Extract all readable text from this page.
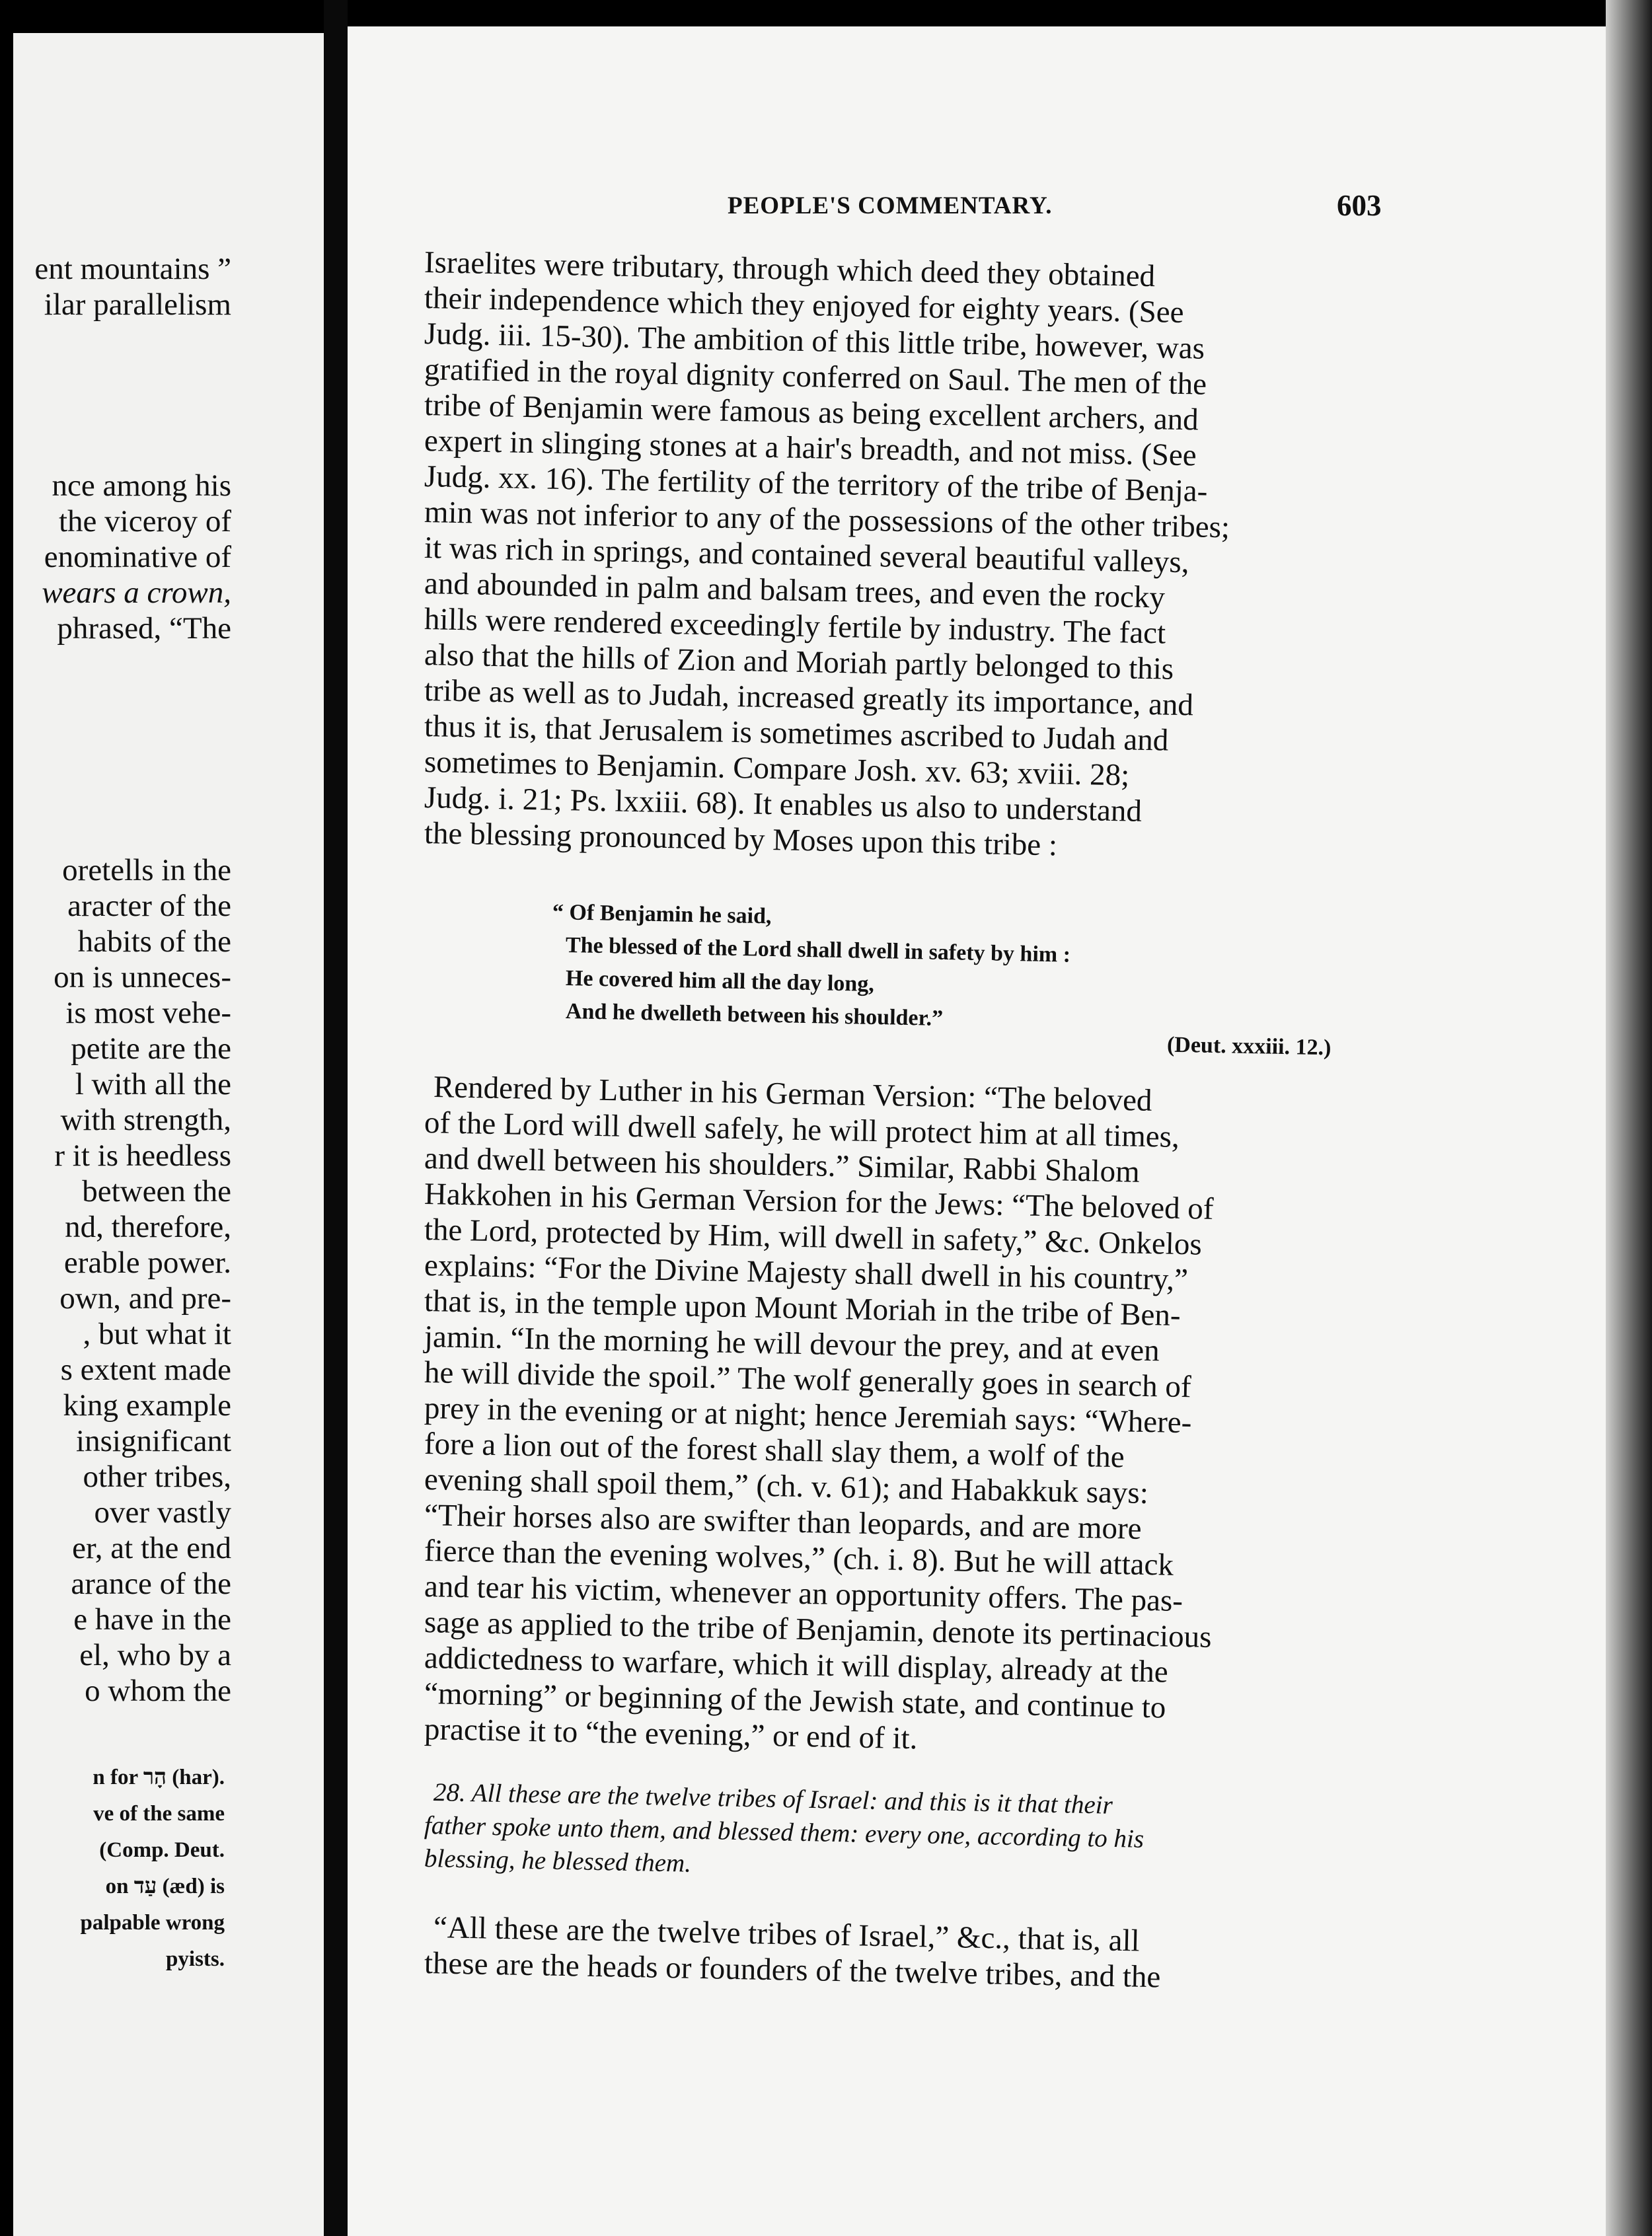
ent mountains ”
ilar parallelism
nce among his
the viceroy of
enominative of
wears a crown,
phrased, “The
oretells in the
aracter of the
habits of the
on is unneces-
is most vehe-
petite are the
l with all the
with strength,
r it is heedless
between the
nd, therefore,
erable power.
own, and pre-
, but what it
s extent made
king example
insignificant
other tribes,
over vastly
er, at the end
arance of the
e have in the
el, who by a
o whom the
n for הָר (har).
ve of the same
(Comp. Deut.
on עַד (æd) is
palpable wrong
pyists.
PEOPLE'S COMMENTARY.	603
Israelites were tributary, through which deed they obtained
their independence which they enjoyed for eighty years. (See
Judg. iii. 15-30). The ambition of this little tribe, however, was
gratified in the royal dignity conferred on Saul. The men of the
tribe of Benjamin were famous as being excellent archers, and
expert in slinging stones at a hair's breadth, and not miss. (See
Judg. xx. 16). The fertility of the territory of the tribe of Benja-
min was not inferior to any of the possessions of the other tribes;
it was rich in springs, and contained several beautiful valleys,
and abounded in palm and balsam trees, and even the rocky
hills were rendered exceedingly fertile by industry. The fact
also that the hills of Zion and Moriah partly belonged to this
tribe as well as to Judah, increased greatly its importance, and
thus it is, that Jerusalem is sometimes ascribed to Judah and
sometimes to Benjamin. Compare Josh. xv. 63; xviii. 28;
Judg. i. 21; Ps. lxxiii. 68). It enables us also to understand
the blessing pronounced by Moses upon this tribe :
“ Of Benjamin he said,
The blessed of the Lord shall dwell in safety by him :
He covered him all the day long,
And he dwelleth between his shoulder.”
(Deut. xxxiii. 12.)
Rendered by Luther in his German Version: “The beloved
of the Lord will dwell safely, he will protect him at all times,
and dwell between his shoulders.” Similar, Rabbi Shalom
Hakkohen in his German Version for the Jews: “The beloved of
the Lord, protected by Him, will dwell in safety,” &c. Onkelos
explains: “For the Divine Majesty shall dwell in his country,”
that is, in the temple upon Mount Moriah in the tribe of Ben-
jamin. “In the morning he will devour the prey, and at even
he will divide the spoil.” The wolf generally goes in search of
prey in the evening or at night; hence Jeremiah says: “Where-
fore a lion out of the forest shall slay them, a wolf of the
evening shall spoil them,” (ch. v. 61); and Habakkuk says:
“Their horses also are swifter than leopards, and are more
fierce than the evening wolves,” (ch. i. 8). But he will attack
and tear his victim, whenever an opportunity offers. The pas-
sage as applied to the tribe of Benjamin, denote its pertinacious
addictedness to warfare, which it will display, already at the
“morning” or beginning of the Jewish state, and continue to
practise it to “the evening,” or end of it.
28. All these are the twelve tribes of Israel: and this is it that their
father spoke unto them, and blessed them: every one, according to his
blessing, he blessed them.
“All these are the twelve tribes of Israel,” &c., that is, all
these are the heads or founders of the twelve tribes, and the
